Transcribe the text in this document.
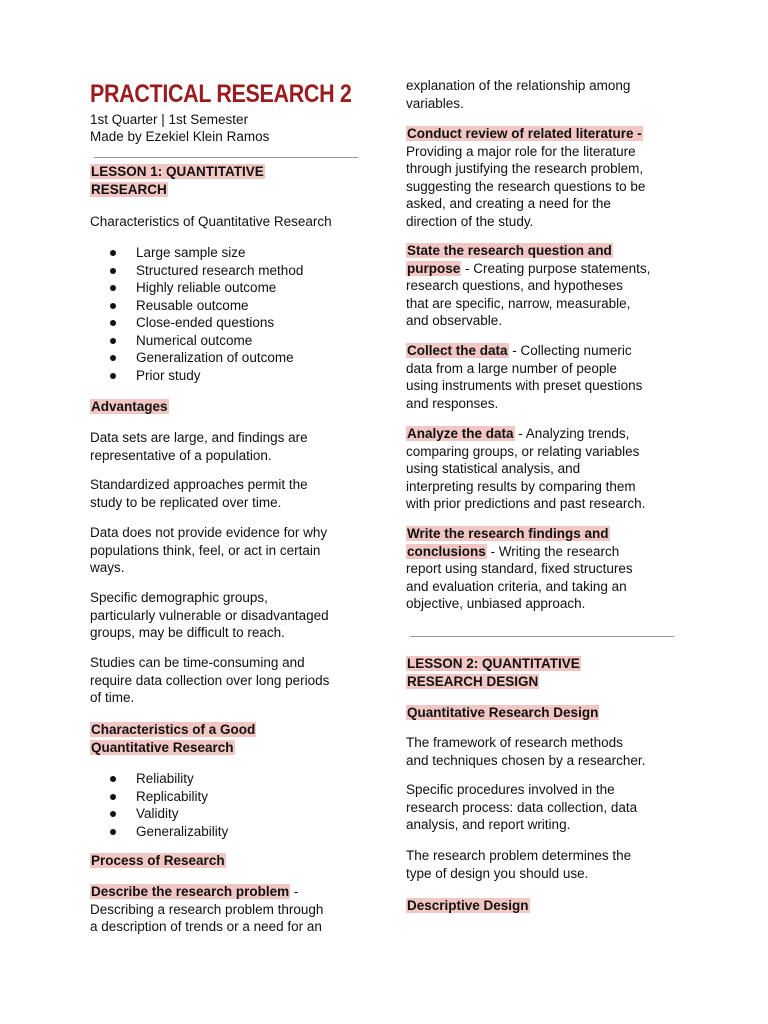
PRACTICAL RESEARCH 2
1st Quarter | 1st Semester
Made by Ezekiel Klein Ramos
LESSON 1: QUANTITATIVE
RESEARCH
Characteristics of Quantitative Research
Large sample size
Structured research method
Highly reliable outcome
Reusable outcome
Close-ended questions
Numerical outcome
Generalization of outcome
Prior study
Advantages
Data sets are large, and findings are
representative of a population.
Standardized approaches permit the
study to be replicated over time.
Data does not provide evidence for why
populations think, feel, or act in certain
ways.
Specific demographic groups,
particularly vulnerable or disadvantaged
groups, may be difficult to reach.
Studies can be time-consuming and
require data collection over long periods
of time.
Characteristics of a Good
Quantitative Research
Reliability
Replicability
Validity
Generalizability
Process of Research
Describe the research problem -
Describing a research problem through
a description of trends or a need for an
explanation of the relationship among
variables.
Conduct review of related literature -
Providing a major role for the literature
through justifying the research problem,
suggesting the research questions to be
asked, and creating a need for the
direction of the study.
State the research question and
purpose - Creating purpose statements,
research questions, and hypotheses
that are specific, narrow, measurable,
and observable.
Collect the data - Collecting numeric
data from a large number of people
using instruments with preset questions
and responses.
Analyze the data - Analyzing trends,
comparing groups, or relating variables
using statistical analysis, and
interpreting results by comparing them
with prior predictions and past research.
Write the research findings and
conclusions - Writing the research
report using standard, fixed structures
and evaluation criteria, and taking an
objective, unbiased approach.
LESSON 2: QUANTITATIVE
RESEARCH DESIGN
Quantitative Research Design
The framework of research methods
and techniques chosen by a researcher.
Specific procedures involved in the
research process: data collection, data
analysis, and report writing.
The research problem determines the
type of design you should use.
Descriptive Design
